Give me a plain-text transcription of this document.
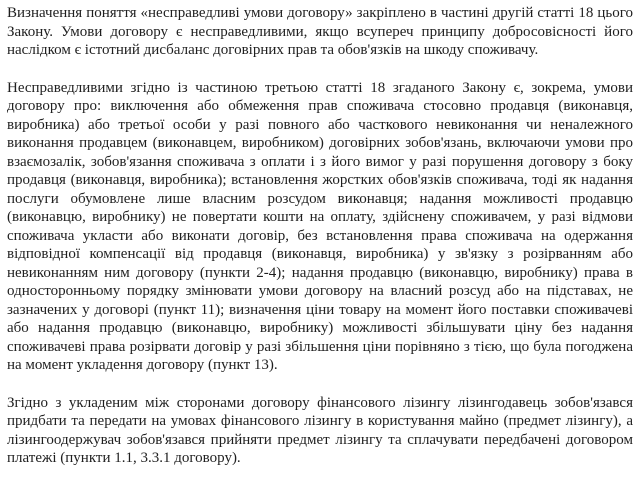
Визначення поняття «несправедливі умови договору» закріплено в частині другій статті 18 цього Закону. Умови договору є несправедливими, якщо всупереч принципу добросовісності його наслідком є істотний дисбаланс договірних прав та обов'язків на шкоду споживачу.

Несправедливими згідно із частиною третьою статті 18 згаданого Закону є, зокрема, умови договору про: виключення або обмеження прав споживача стосовно продавця (виконавця, виробника) або третьої особи у разі повного або часткового невиконання чи неналежного виконання продавцем (виконавцем, виробником) договірних зобов'язань, включаючи умови про взаємозалік, зобов'язання споживача з оплати і з його вимог у разі порушення договору з боку продавця (виконавця, виробника); встановлення жорстких обов'язків споживача, тоді як надання послуги обумовлене лише власним розсудом виконавця; надання можливості продавцю (виконавцю, виробнику) не повертати кошти на оплату, здійснену споживачем, у разі відмови споживача укласти або виконати договір, без встановлення права споживача на одержання відповідної компенсації від продавця (виконавця, виробника) у зв'язку з розірванням або невиконанням ним договору (пункти 2-4); надання продавцю (виконавцю, виробнику) права в односторонньому порядку змінювати умови договору на власний розсуд або на підставах, не зазначених у договорі (пункт 11); визначення ціни товару на момент його поставки споживачеві або надання продавцю (виконавцю, виробнику) можливості збільшувати ціну без надання споживачеві права розірвати договір у разі збільшення ціни порівняно з тією, що була погоджена на момент укладення договору (пункт 13).

Згідно з укладеним між сторонами договору фінансового лізингу лізингодавець зобов'язався придбати та передати на умовах фінансового лізингу в користування майно (предмет лізингу), а лізингоодержувач зобов'язався прийняти предмет лізингу та сплачувати передбачені договором платежі (пункти 1.1, 3.3.1 договору).
